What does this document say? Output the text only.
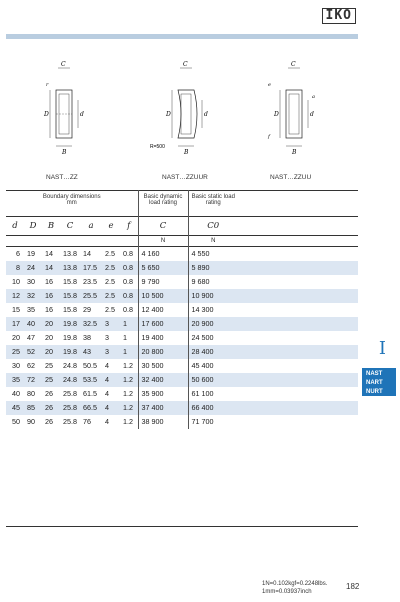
IKO
C
D	d
B
r
C
D	d
B
R=500
C
D	d
B
e
a
f
NAST…ZZ	NAST…ZZUUR	NAST…ZZUU
Boundary dimensions
mm							Basic dynamic load rating	Basic static load rating	
d	D	B	C	a	e	f	C	C0	
							N	N	
6	19	14	13.8	14	2.5	0.8	4 160	4 550	
8	24	14	13.8	17.5	2.5	0.8	5 650	5 890	
10	30	16	15.8	23.5	2.5	0.8	9 790	9 680	
12	32	16	15.8	25.5	2.5	0.8	10 500	10 900	
15	35	16	15.8	29	2.5	0.8	12 400	14 300	
17	40	20	19.8	32.5	3	1	17 600	20 900	
20	47	20	19.8	38	3	1	19 400	24 500	
25	52	20	19.8	43	3	1	20 800	28 400	
30	62	25	24.8	50.5	4	1.2	30 500	45 400	
35	72	25	24.8	53.5	4	1.2	32 400	50 600	
40	80	26	25.8	61.5	4	1.2	35 900	61 100	
45	85	26	25.8	66.5	4	1.2	37 400	66 400	
50	90	26	25.8	76	4	1.2	38 900	71 700	
I
NAST
NART
NURT
1N=0.102kgf=0.2248lbs.
1mm=0.03937inch
182
